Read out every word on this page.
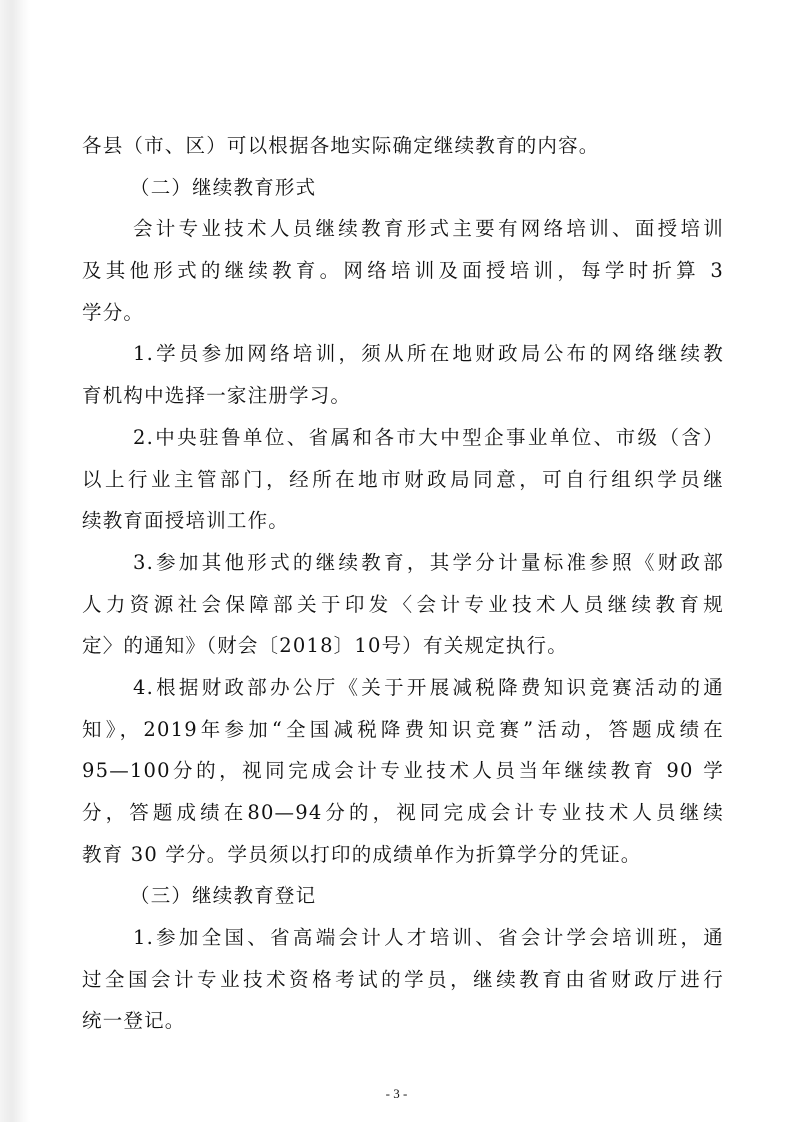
各县（市、区）可以根据各地实际确定继续教育的内容。
（二）继续教育形式
会计专业技术人员继续教育形式主要有网络培训、面授培训
及其他形式的继续教育。网络培训及面授培训，每学时折算 3
学分。
1.学员参加网络培训，须从所在地财政局公布的网络继续教
育机构中选择一家注册学习。
2.中央驻鲁单位、省属和各市大中型企事业单位、市级（含）
以上行业主管部门，经所在地市财政局同意，可自行组织学员继
续教育面授培训工作。
3.参加其他形式的继续教育，其学分计量标准参照《财政部
人力资源社会保障部关于印发〈会计专业技术人员继续教育规
定〉的通知》（财会〔2018〕10号）有关规定执行。
4.根据财政部办公厅《关于开展减税降费知识竞赛活动的通
知》，2019年参加“全国减税降费知识竞赛”活动，答题成绩在
95—100分的，视同完成会计专业技术人员当年继续教育 90 学
分，答题成绩在80—94分的，视同完成会计专业技术人员继续
教育 30 学分。学员须以打印的成绩单作为折算学分的凭证。
（三）继续教育登记
1.参加全国、省高端会计人才培训、省会计学会培训班，通
过全国会计专业技术资格考试的学员，继续教育由省财政厅进行
统一登记。
- 3 -
